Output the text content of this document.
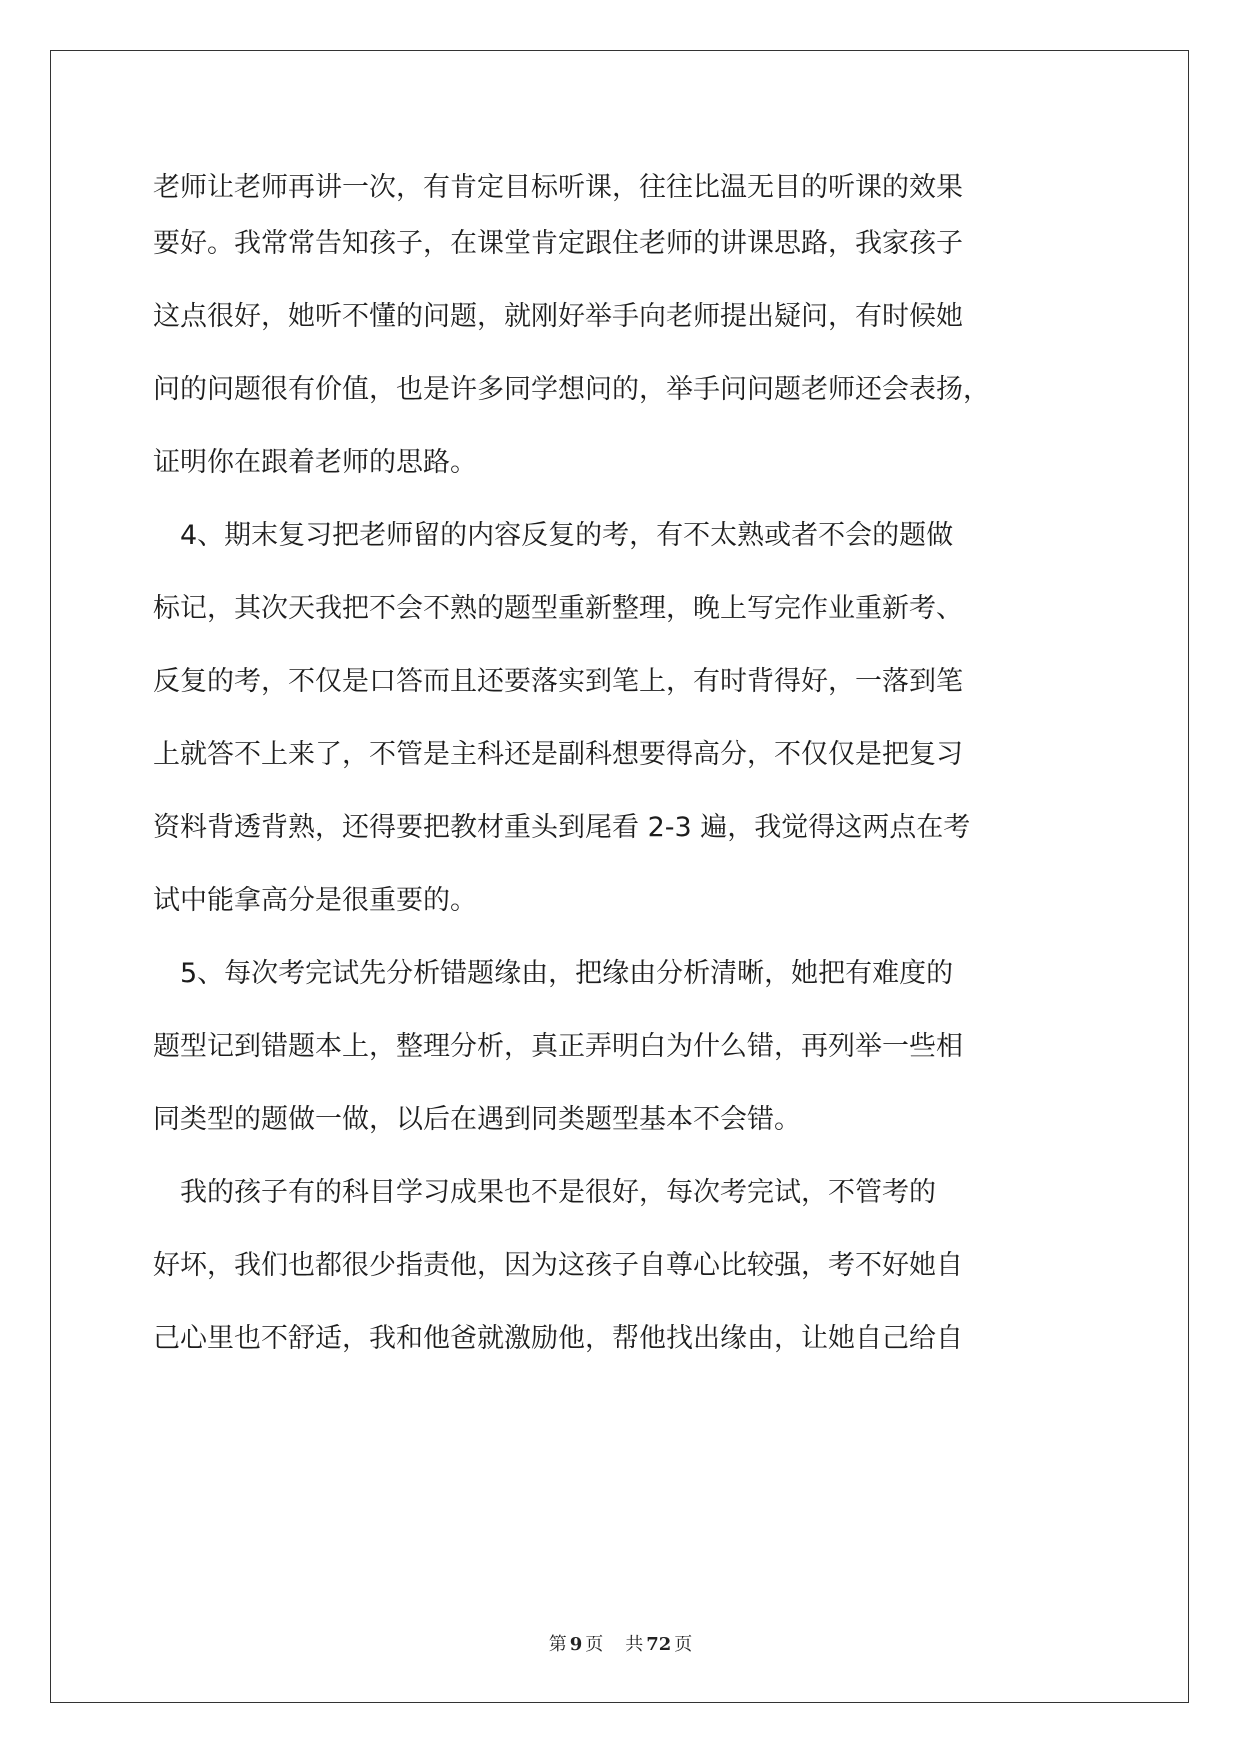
老师让老师再讲一次，有肯定目标听课，往往比温无目的听课的效果
要好。我常常告知孩子，在课堂肯定跟住老师的讲课思路，我家孩子
这点很好，她听不懂的问题，就刚好举手向老师提出疑问，有时候她
问的问题很有价值，也是许多同学想问的，举手问问题老师还会表扬，
证明你在跟着老师的思路。
　4、期末复习把老师留的内容反复的考，有不太熟或者不会的题做
标记，其次天我把不会不熟的题型重新整理，晚上写完作业重新考、
反复的考，不仅是口答而且还要落实到笔上，有时背得好，一落到笔
上就答不上来了，不管是主科还是副科想要得高分，不仅仅是把复习
资料背透背熟，还得要把教材重头到尾看 2-3 遍，我觉得这两点在考
试中能拿高分是很重要的。
　5、每次考完试先分析错题缘由，把缘由分析清晰，她把有难度的
题型记到错题本上，整理分析，真正弄明白为什么错，再列举一些相
同类型的题做一做，以后在遇到同类题型基本不会错。
　我的孩子有的科目学习成果也不是很好，每次考完试，不管考的
好坏，我们也都很少指责他，因为这孩子自尊心比较强，考不好她自
己心里也不舒适，我和他爸就激励他，帮他找出缘由，让她自己给自
第 9 页 共 72 页
